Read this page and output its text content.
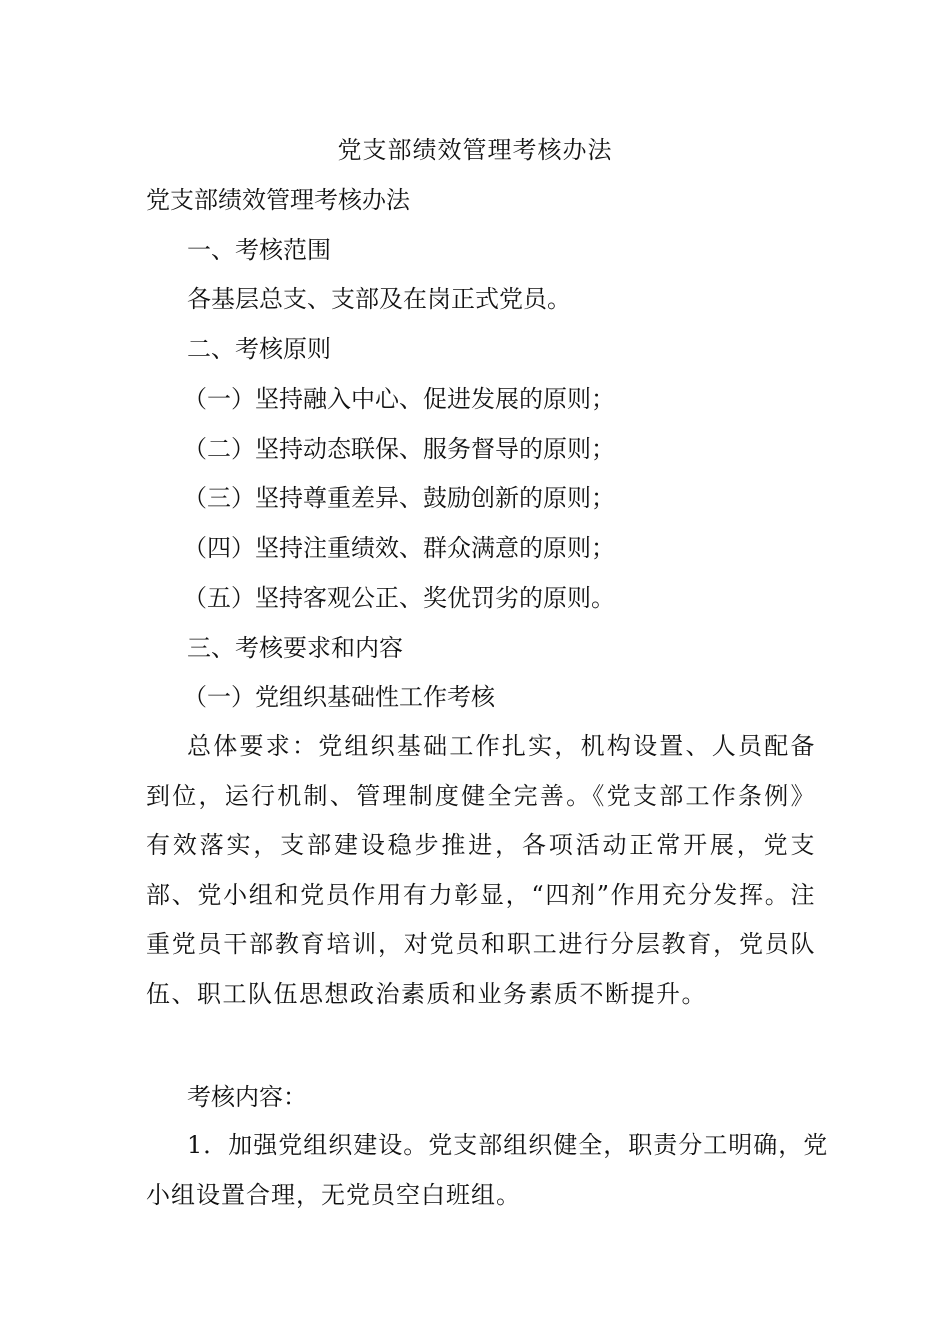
党支部绩效管理考核办法
党支部绩效管理考核办法
一、考核范围
各基层总支、支部及在岗正式党员。
二、考核原则
（一）坚持融入中心、促进发展的原则；
（二）坚持动态联保、服务督导的原则；
（三）坚持尊重差异、鼓励创新的原则；
（四）坚持注重绩效、群众满意的原则；
（五）坚持客观公正、奖优罚劣的原则。
三、考核要求和内容
（一）党组织基础性工作考核
总体要求：党组织基础工作扎实，机构设置、人员配备到位，运行机制、管理制度健全完善。《党支部工作条例》有效落实，支部建设稳步推进，各项活动正常开展，党支部、党小组和党员作用有力彰显，“四剂”作用充分发挥。注重党员干部教育培训，对党员和职工进行分层教育，党员队伍、职工队伍思想政治素质和业务素质不断提升。
考核内容：
1．加强党组织建设。党支部组织健全，职责分工明确，党小组设置合理，无党员空白班组。
